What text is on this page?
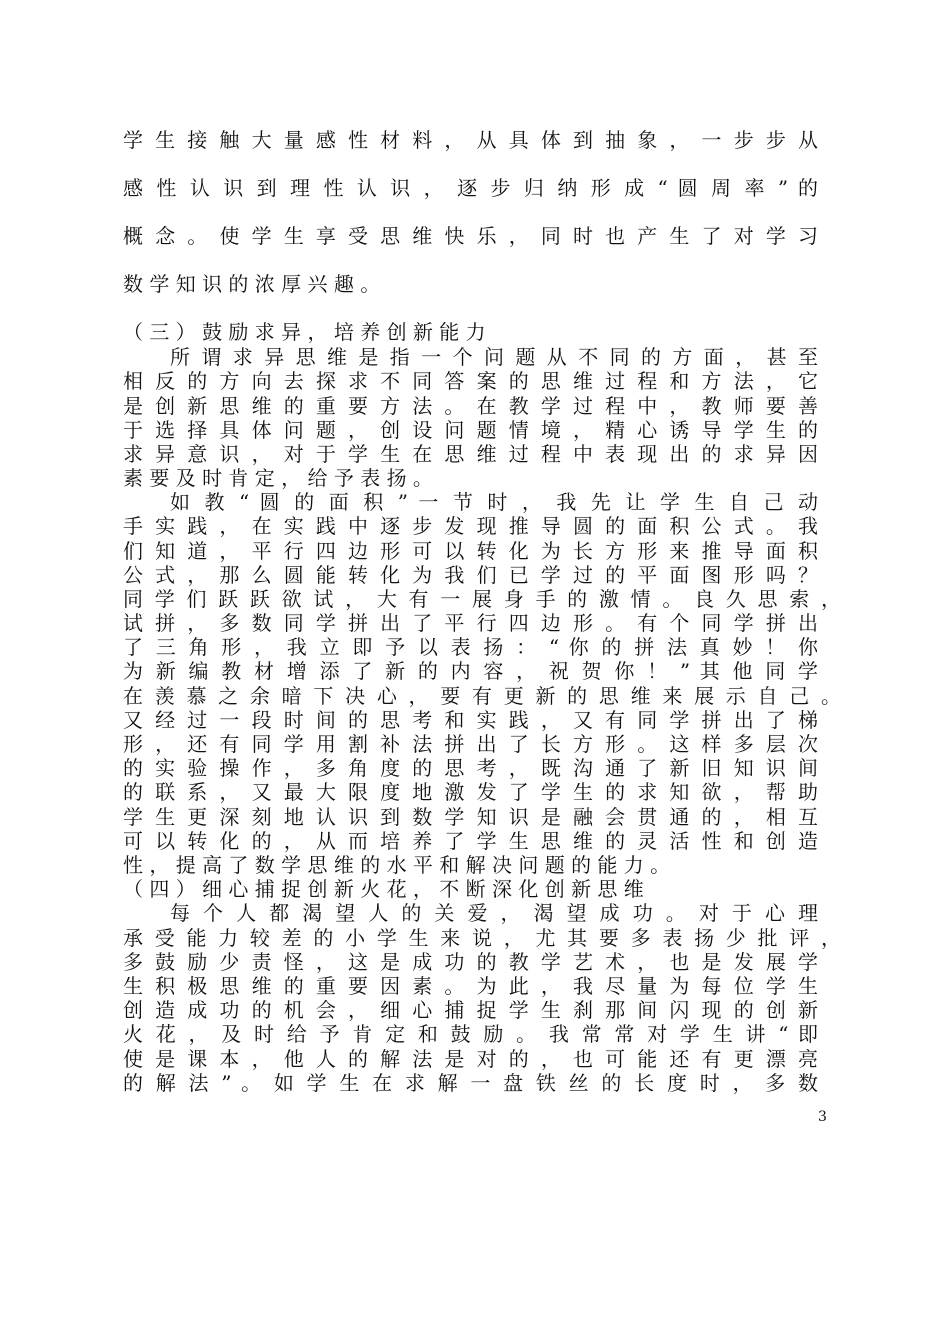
学 生 接 触 大 量 感 性 材 料 ， 从 具 体 到 抽 象 ， 一 步 步 从
感 性 认 识 到 理 性 认 识 ， 逐 步 归 纳 形 成 “ 圆 周 率 ” 的
概 念 。 使 学 生 享 受 思 维 快 乐 ， 同 时 也 产 生 了 对 学 习
数 学 知 识 的 浓 厚 兴 趣 。
（ 三 ） 鼓 励 求 异 ， 培 养 创 新 能 力
所 谓 求 异 思 维 是 指 一 个 问 题 从 不 同 的 方 面 ， 甚 至
相 反 的 方 向 去 探 求 不 同 答 案 的 思 维 过 程 和 方 法 ， 它
是 创 新 思 维 的 重 要 方 法 。 在 教 学 过 程 中 ， 教 师 要 善
于 选 择 具 体 问 题 ， 创 设 问 题 情 境 ， 精 心 诱 导 学 生 的
求 异 意 识 ， 对 于 学 生 在 思 维 过 程 中 表 现 出 的 求 异 因
素 要 及 时 肯 定 ， 给 予 表 扬 。
如 教 “ 圆 的 面 积 ” 一 节 时 ， 我 先 让 学 生 自 己 动
手 实 践 ， 在 实 践 中 逐 步 发 现 推 导 圆 的 面 积 公 式 。 我
们 知 道 ， 平 行 四 边 形 可 以 转 化 为 长 方 形 来 推 导 面 积
公 式 ， 那 么 圆 能 转 化 为 我 们 已 学 过 的 平 面 图 形 吗 ？
同 学 们 跃 跃 欲 试 ， 大 有 一 展 身 手 的 激 情 。 良 久 思 索 ，
试 拼 ， 多 数 同 学 拼 出 了 平 行 四 边 形 。 有 个 同 学 拼 出
了 三 角 形 ， 我 立 即 予 以 表 扬 ： “ 你 的 拼 法 真 妙 ！ 你
为 新 编 教 材 增 添 了 新 的 内 容 ， 祝 贺 你 ！ ” 其 他 同 学
在 羡 慕 之 余 暗 下 决 心 ， 要 有 更 新 的 思 维 来 展 示 自 己 。
又 经 过 一 段 时 间 的 思 考 和 实 践 ， 又 有 同 学 拼 出 了 梯
形 ， 还 有 同 学 用 割 补 法 拼 出 了 长 方 形 。 这 样 多 层 次
的 实 验 操 作 ， 多 角 度 的 思 考 ， 既 沟 通 了 新 旧 知 识 间
的 联 系 ， 又 最 大 限 度 地 激 发 了 学 生 的 求 知 欲 ， 帮 助
学 生 更 深 刻 地 认 识 到 数 学 知 识 是 融 会 贯 通 的 ， 相 互
可 以 转 化 的 ， 从 而 培 养 了 学 生 思 维 的 灵 活 性 和 创 造
性 ， 提 高 了 数 学 思 维 的 水 平 和 解 决 问 题 的 能 力 。
（ 四 ） 细 心 捕 捉 创 新 火 花 ， 不 断 深 化 创 新 思 维
每 个 人 都 渴 望 人 的 关 爱 ， 渴 望 成 功 。 对 于 心 理
承 受 能 力 较 差 的 小 学 生 来 说 ， 尤 其 要 多 表 扬 少 批 评 ，
多 鼓 励 少 责 怪 ， 这 是 成 功 的 教 学 艺 术 ， 也 是 发 展 学
生 积 极 思 维 的 重 要 因 素 。 为 此 ， 我 尽 量 为 每 位 学 生
创 造 成 功 的 机 会 ， 细 心 捕 捉 学 生 刹 那 间 闪 现 的 创 新
火 花 ， 及 时 给 予 肯 定 和 鼓 励 。 我 常 常 对 学 生 讲 “ 即
使 是 课 本 ， 他 人 的 解 法 是 对 的 ， 也 可 能 还 有 更 漂 亮
的 解 法 ” 。 如 学 生 在 求 解 一 盘 铁 丝 的 长 度 时 ， 多 数
3
